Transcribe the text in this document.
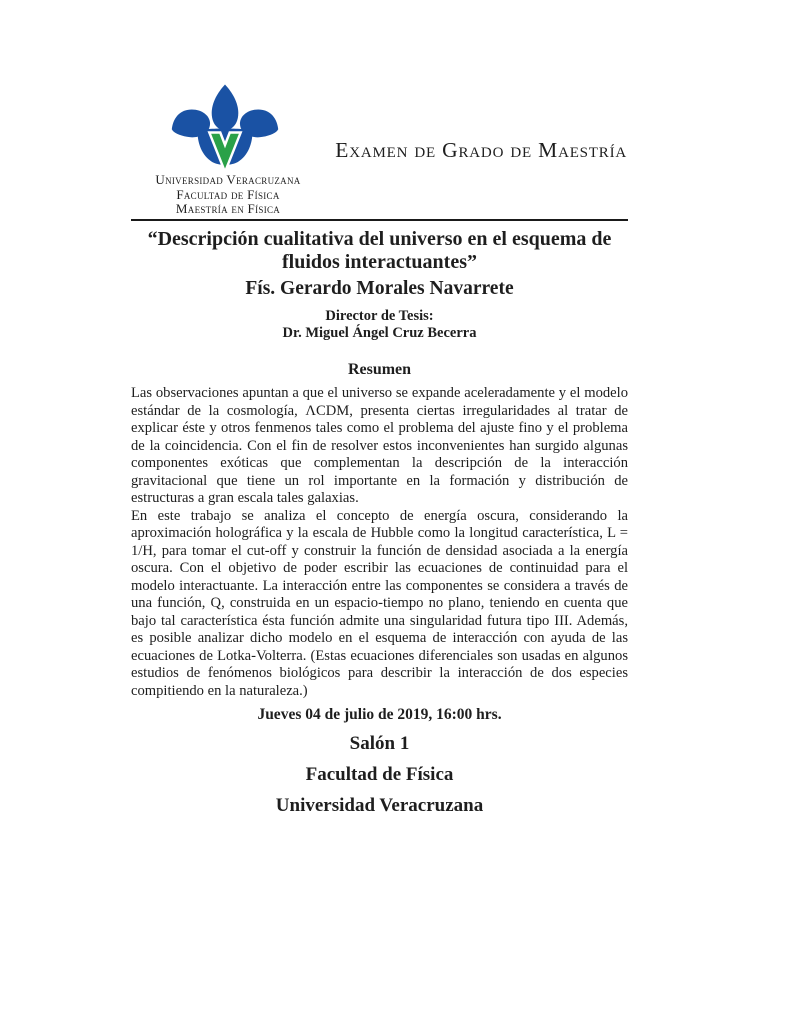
Universidad Veracruzana
Facultad de Física
Maestría en Física
Examen de Grado de Maestría
“Descripción cualitativa del universo en el esquema de fluidos interactuantes”
Fís. Gerardo Morales Navarrete
Director de Tesis:
Dr. Miguel Ángel Cruz Becerra
Resumen

Las observaciones apuntan a que el universo se expande aceleradamente y el modelo estándar de la cosmología, ΛCDM, presenta ciertas irregularidades al tratar de explicar éste y otros fenmenos tales como el problema del ajuste fino y el problema de la coincidencia. Con el fin de resolver estos inconvenientes han surgido algunas componentes exóticas que complementan la descripción de la interacción gravitacional que tiene un rol importante en la formación y distribución de estructuras a gran escala tales galaxias.

En este trabajo se analiza el concepto de energía oscura, considerando la aproximación holográfica y la escala de Hubble como la longitud característica, L = 1/H, para tomar el cut-off y construir la función de densidad asociada a la energía oscura. Con el objetivo de poder escribir las ecuaciones de continuidad para el modelo interactuante. La interacción entre las componentes se considera a través de una función, Q, construida en un espacio-tiempo no plano, teniendo en cuenta que bajo tal característica ésta función admite una singularidad futura tipo III. Además, es posible analizar dicho modelo en el esquema de interacción con ayuda de las ecuaciones de Lotka-Volterra. (Estas ecuaciones diferenciales son usadas en algunos estudios de fenómenos biológicos para describir la interacción de dos especies compitiendo en la naturaleza.)

Jueves 04 de julio de 2019, 16:00 hrs.
Salón 1
Facultad de Física
Universidad Veracruzana
